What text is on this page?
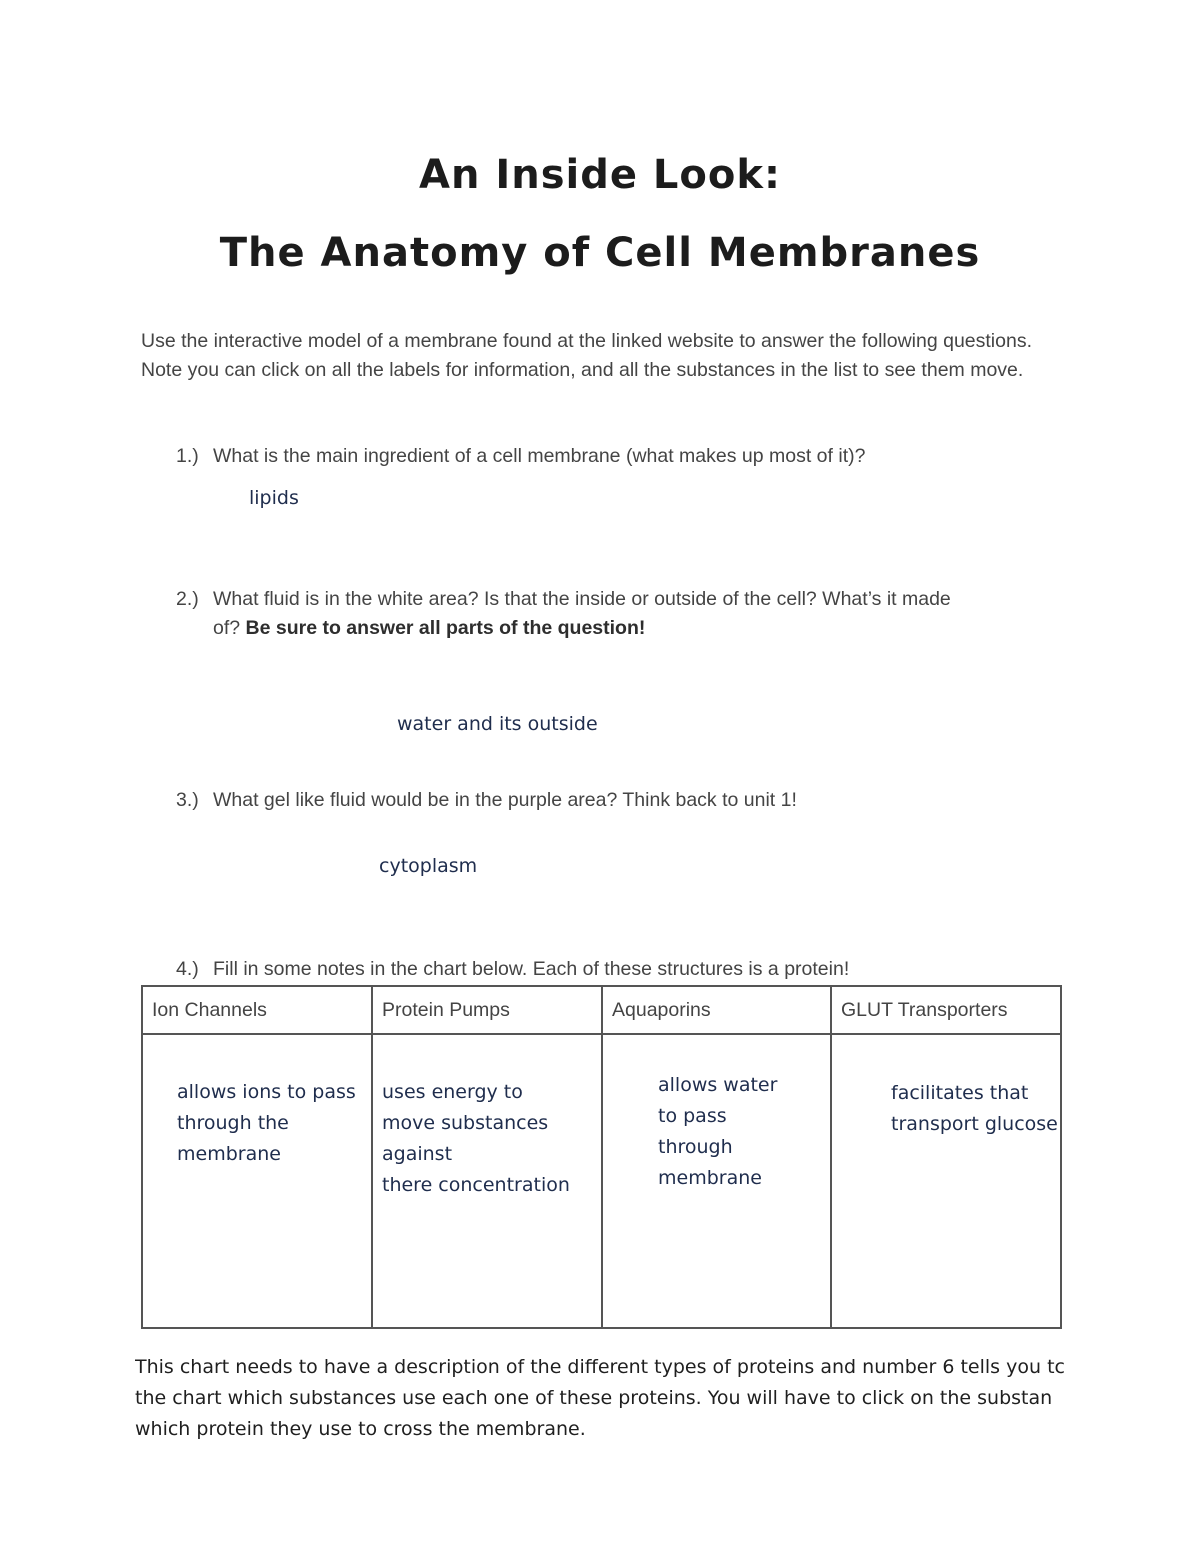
An Inside Look:
The Anatomy of Cell Membranes
Use the interactive model of a membrane found at the linked website to answer the following questions. Note you can click on all the labels for information, and all the substances in the list to see them move.
1.) What is the main ingredient of a cell membrane (what makes up most of it)?
lipids
2.) What fluid is in the white area? Is that the inside or outside of the cell? What’s it made
of? Be sure to answer all parts of the question!
water and its outside
3.) What gel like fluid would be in the purple area? Think back to unit 1!
cytoplasm
4.) Fill in some notes in the chart below. Each of these structures is a protein!
Ion Channels	Protein Pumps	Aquaporins	GLUT Transporters

allows ions to pass
through the
membrane	uses energy to
move substances
against
there concentration	allows water
to pass
through
membrane	facilitates that
transport glucose
This chart needs to have a description of the different types of proteins and number 6 tells you tc
the chart which substances use each one of these proteins. You will have to click on the substan
which protein they use to cross the membrane.
